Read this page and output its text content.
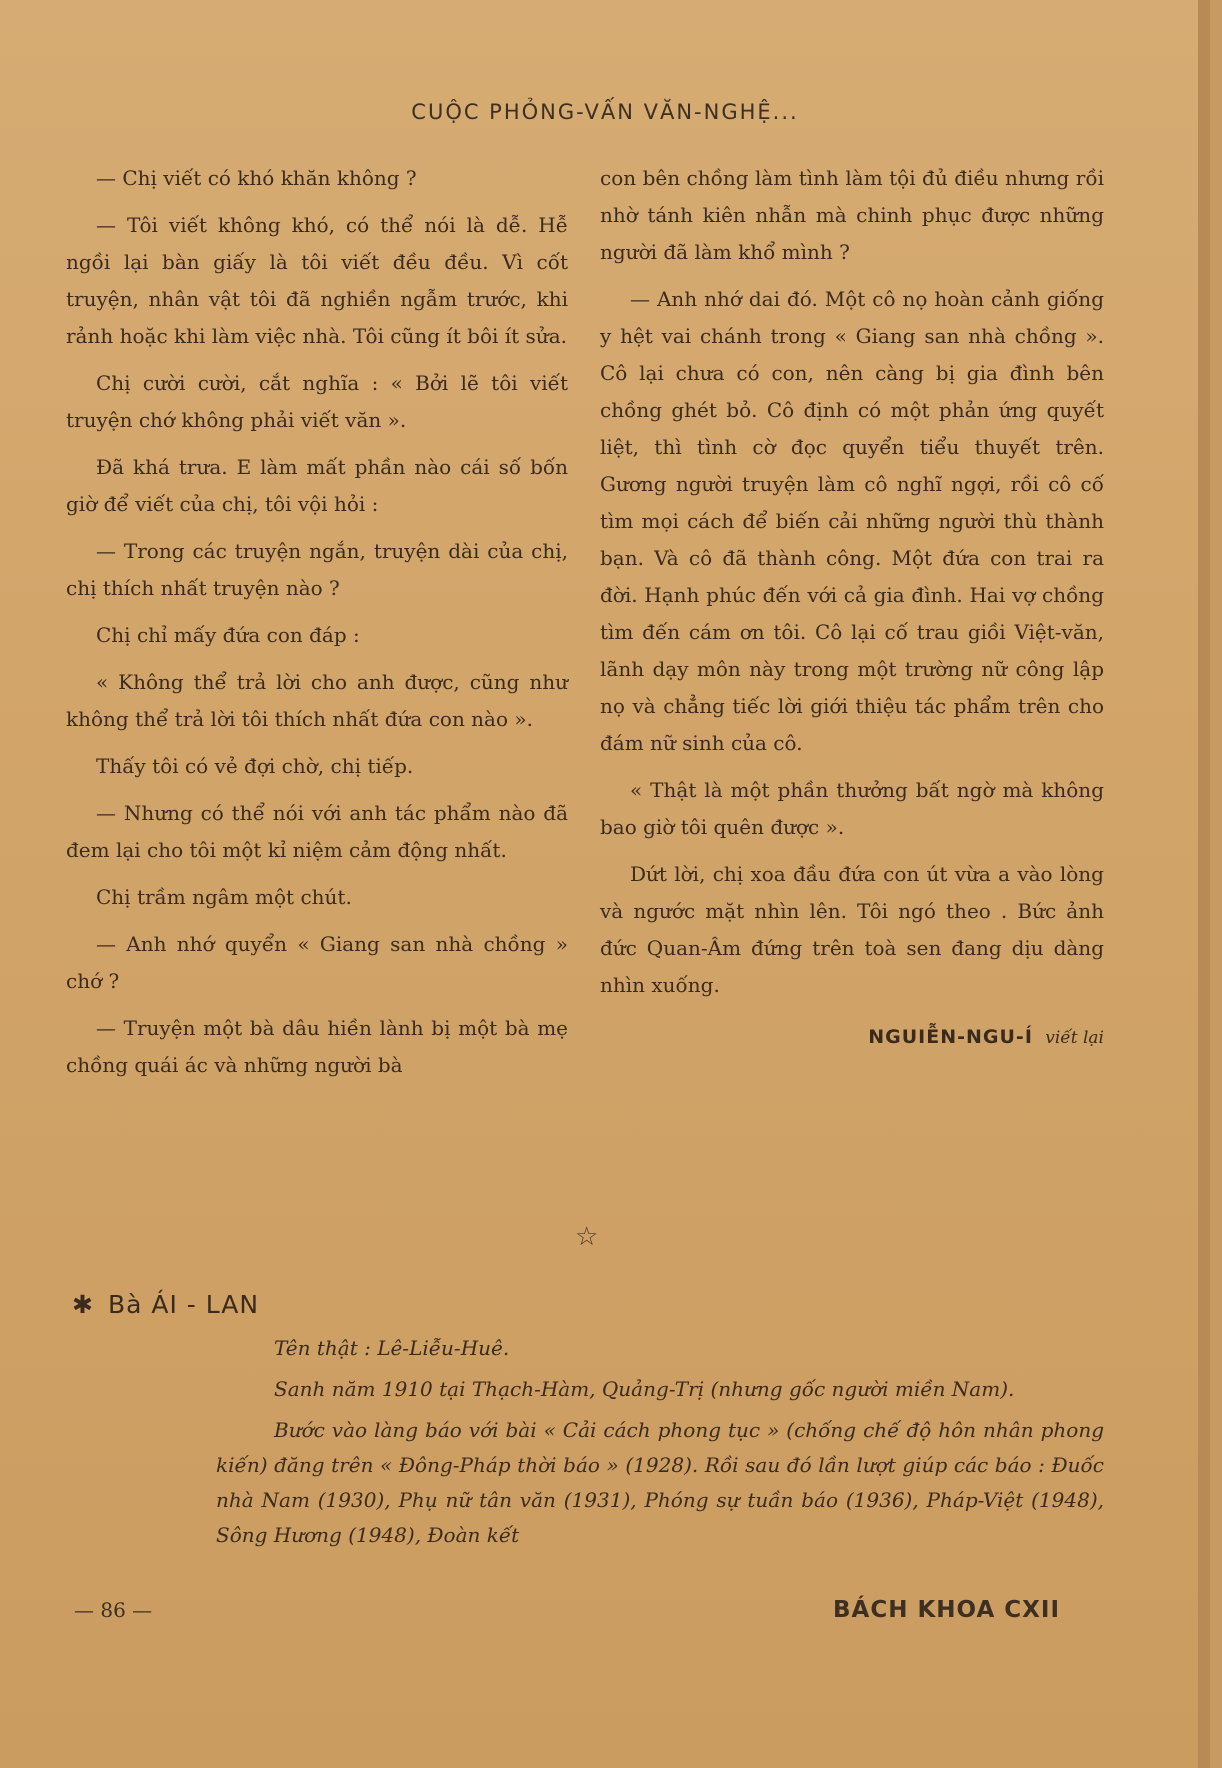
CUỘC PHỎNG-VẤN VĂN-NGHỆ...

— Chị viết có khó khăn không ?

— Tôi viết không khó, có thể nói là dễ. Hễ ngồi lại bàn giấy là tôi viết đều đều. Vì cốt truyện, nhân vật tôi đã nghiền ngẫm trước, khi rảnh hoặc khi làm việc nhà. Tôi cũng ít bôi ít sửa.

Chị cười cười, cắt nghĩa : « Bởi lẽ tôi viết truyện chớ không phải viết văn ».

Đã khá trưa. E làm mất phần nào cái số bốn giờ để viết của chị, tôi vội hỏi :

— Trong các truyện ngắn, truyện dài của chị, chị thích nhất truyện nào ?

Chị chỉ mấy đứa con đáp :

« Không thể trả lời cho anh được, cũng như không thể trả lời tôi thích nhất đứa con nào ».

Thấy tôi có vẻ đợi chờ, chị tiếp.

— Nhưng có thể nói với anh tác phẩm nào đã đem lại cho tôi một kỉ niệm cảm động nhất.

Chị trầm ngâm một chút.

— Anh nhớ quyển « Giang san nhà chồng » chớ ?

— Truyện một bà dâu hiền lành bị một bà mẹ chồng quái ác và những người bà

con bên chồng làm tình làm tội đủ điều nhưng rồi nhờ tánh kiên nhẫn mà chinh phục được những người đã làm khổ mình ?

— Anh nhớ dai đó. Một cô nọ hoàn cảnh giống y hệt vai chánh trong « Giang san nhà chồng ». Cô lại chưa có con, nên càng bị gia đình bên chồng ghét bỏ. Cô định có một phản ứng quyết liệt, thì tình cờ đọc quyển tiểu thuyết trên. Gương người truyện làm cô nghĩ ngợi, rồi cô cố tìm mọi cách để biến cải những người thù thành bạn. Và cô đã thành công. Một đứa con trai ra đời. Hạnh phúc đến với cả gia đình. Hai vợ chồng tìm đến cám ơn tôi. Cô lại cố trau giồi Việt-văn, lãnh dạy môn này trong một trường nữ công lập nọ và chẳng tiếc lời giới thiệu tác phẩm trên cho đám nữ sinh của cô.

« Thật là một phần thưởng bất ngờ mà không bao giờ tôi quên được ».

Dứt lời, chị xoa đầu đứa con út vừa a vào lòng và ngước mặt nhìn lên. Tôi ngó theo . Bức ảnh đức Quan-Âm đứng trên toà sen đang dịu dàng nhìn xuống.

NGUIỄN-NGU-Í viết lại
☆
✱ Bà ÁI - LAN

Tên thật : Lê-Liễu-Huê.

Sanh năm 1910 tại Thạch-Hàm, Quảng-Trị (nhưng gốc người miền Nam).

Bước vào làng báo với bài « Cải cách phong tục » (chống chế độ hôn nhân phong kiến) đăng trên « Đông-Pháp thời báo » (1928). Rồi sau đó lần lượt giúp các báo : Đuốc nhà Nam (1930), Phụ nữ tân văn (1931), Phóng sự tuần báo (1936), Pháp-Việt (1948), Sông Hương (1948), Đoàn kết

— 86 —	BÁCH KHOA CXII
